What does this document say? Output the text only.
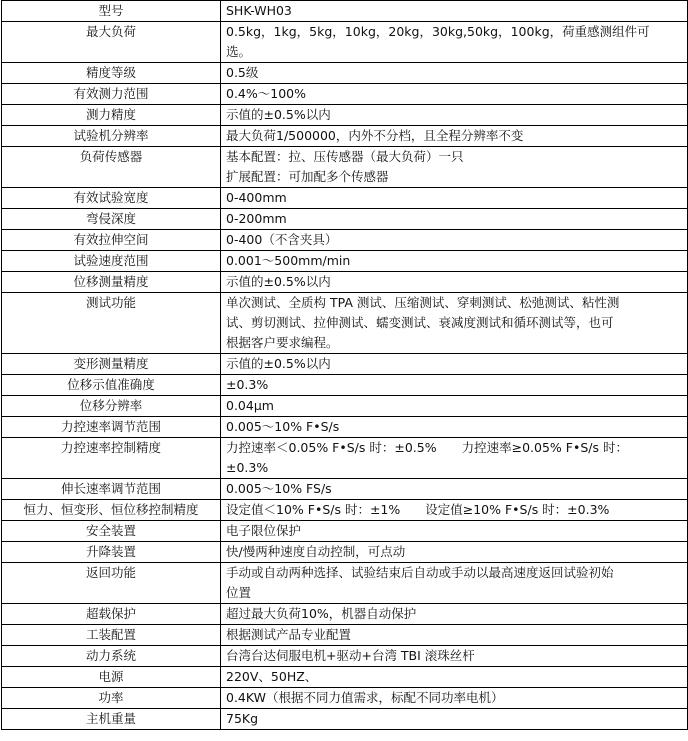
型号	SHK-WH03

最大负荷	0.5kg，1kg，5kg，10kg，20kg，30kg,50kg，100kg，荷重感测组件可
选。

精度等级	0.5级

有效测力范围	0.4%～100%

测力精度	示值的±0.5%以内

试验机分辨率	最大负荷1/500000，内外不分档，且全程分辨率不变

负荷传感器	基本配置：拉、压传感器（最大负荷）一只
扩展配置：可加配多个传感器

有效试验宽度	0-400mm

弯侵深度	0-200mm

有效拉伸空间	0-400（不含夹具）

试验速度范围	0.001～500mm/min

位移测量精度	示值的±0.5%以内

测试功能	单次测试、全质构 TPA 测试、压缩测试、穿刺测试、松弛测试、粘性测
试、剪切测试、拉伸测试、蠕变测试、衰减度测试和循环测试等，也可
根据客户要求编程。

变形测量精度	示值的±0.5%以内

位移示值准确度	±0.3%

位移分辨率	0.04μm

力控速率调节范围	0.005～10% F•S/s

力控速率控制精度	力控速率＜0.05% F•S/s 时：±0.5%　　力控速率≥0.05% F•S/s 时：
±0.3%

伸长速率调节范围	0.005～10% FS/s

恒力、恒变形、恒位移控制精度	设定值＜10% F•S/s 时：±1%　　设定值≥10% F•S/s 时：±0.3%

安全装置	电子限位保护

升降装置	快/慢两种速度自动控制，可点动

返回功能	手动或自动两种选择、试验结束后自动或手动以最高速度返回试验初始
位置

超载保护	超过最大负荷10%，机器自动保护

工装配置	根据测试产品专业配置

动力系统	台湾台达伺服电机+驱动+台湾 TBI 滚珠丝杆

电源	220V、50HZ、

功率	0.4KW（根据不同力值需求，标配不同功率电机）

主机重量	75Kg
